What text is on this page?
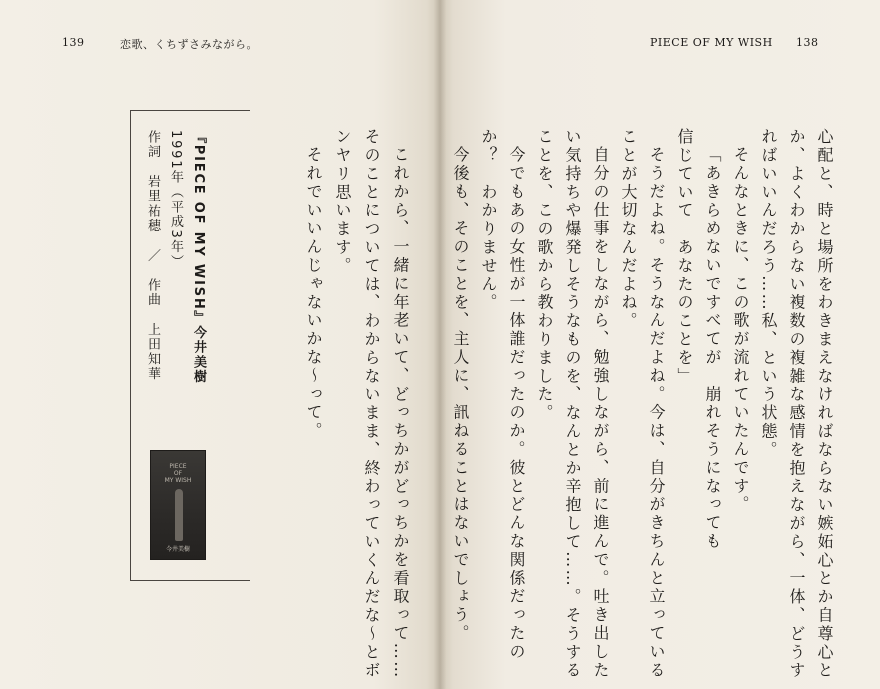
139	恋歌、くちずさみながら。
これから、一緒に年老いて、どっちかがどっちかを看取って……
そのことについては、わからないまま、終わっていくんだな〜とボ
ンヤリ思います。
それでいいんじゃないかな〜って。
『PIECE OF MY WISH』今井美樹
1991年（平成3年）
作詞　岩里祐穂　／　作曲　上田知華
PIECE
OF
MY WISH
今井美樹
PIECE OF MY WISH 138
心配と、時と場所をわきまえなければならない嫉妬心とか自尊心と
か、よくわからない複数の複雑な感情を抱えながら、一体、どうす
ればいいんだろう……私、という状態。
そんなときに、この歌が流れていたんです。
「あきらめないですべてが　崩れそうになっても
信じていて　あなたのことを」
そうだよね。そうなんだよね。今は、自分がきちんと立っている
ことが大切なんだよね。
自分の仕事をしながら、勉強しながら、前に進んで。吐き出した
い気持ちや爆発しそうなものを、なんとか辛抱して……。そうする
ことを、この歌から教わりました。
今でもあの女性が一体誰だったのか。彼とどんな関係だったの
か？　わかりません。
今後も、そのことを、主人に、訊ねることはないでしょう。
